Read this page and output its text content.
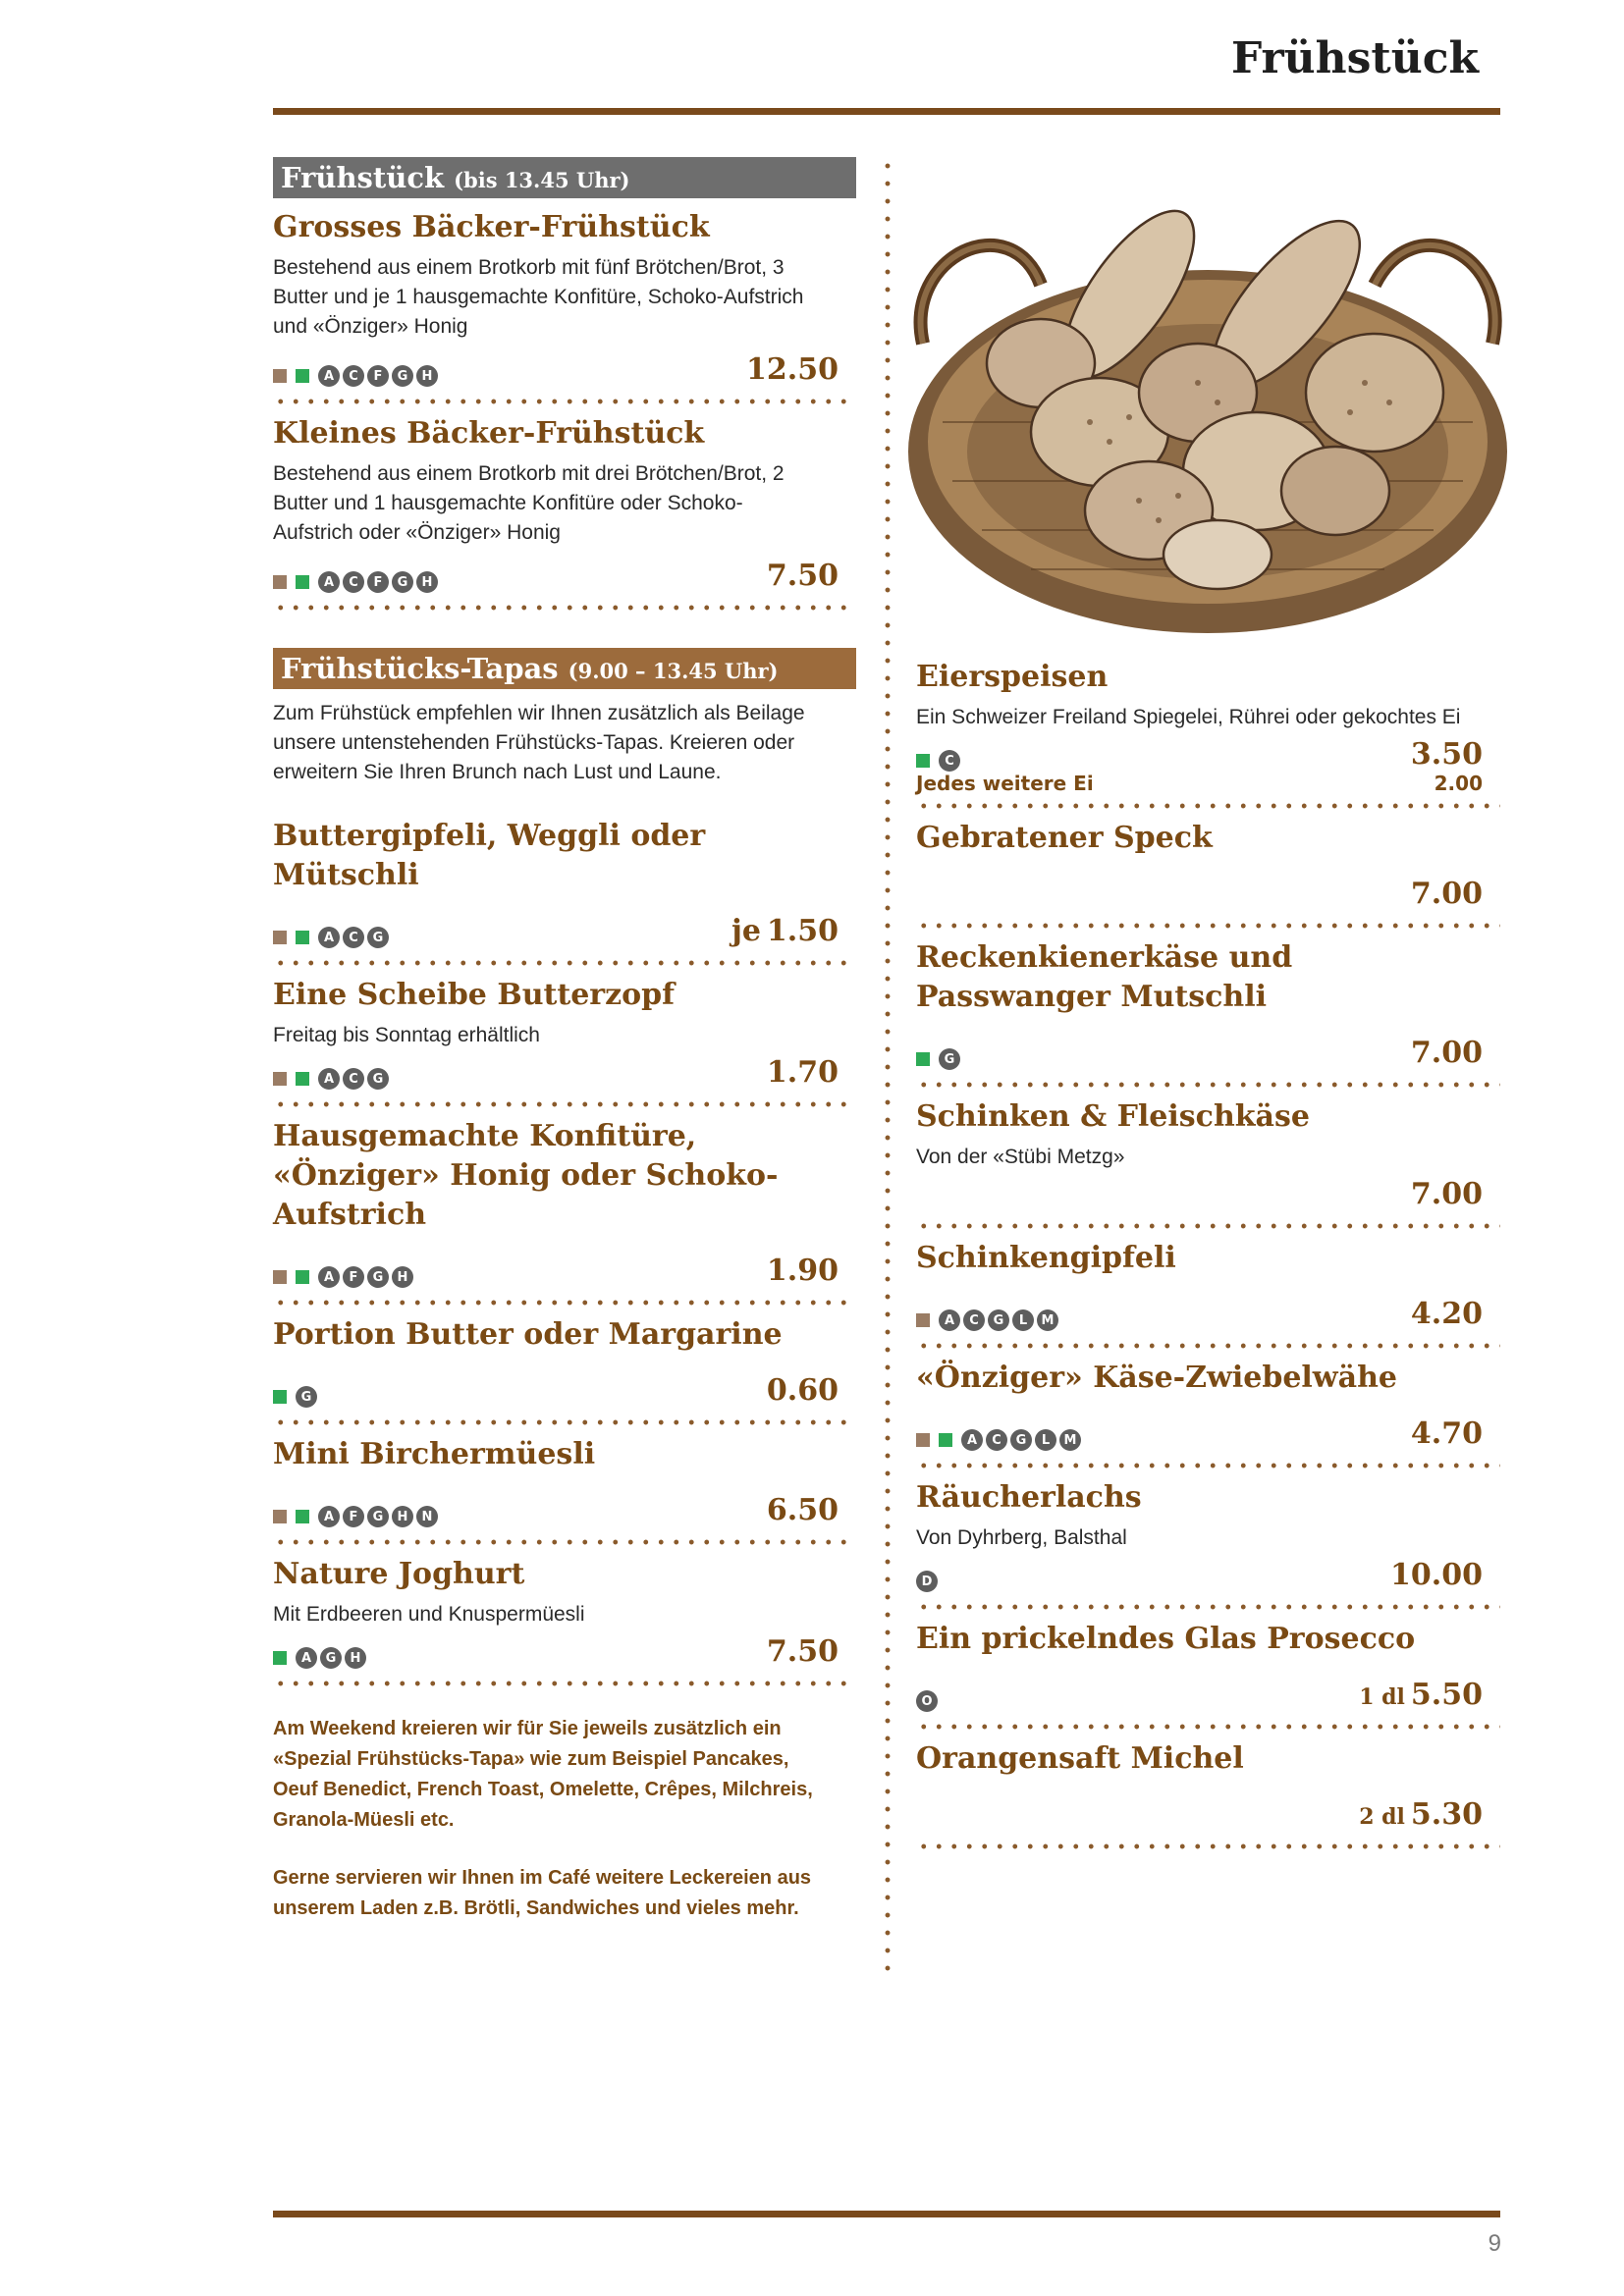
Frühstück
Frühstück (bis 13.45 Uhr)
Grosses Bäcker-Frühstück
Bestehend aus einem Brotkorb mit fünf Brötchen/Brot, 3 Butter und je 1 hausgemachte Konfitüre, Schoko-Aufstrich und «Önziger» Honig
A	C	F	G	H	12.50
Kleines Bäcker-Frühstück
Bestehend aus einem Brotkorb mit drei Brötchen/Brot, 2 Butter und 1 hausgemachte Konfitüre oder Schoko-Aufstrich oder «Önziger» Honig
A	C	F	G	H	7.50
Frühstücks-Tapas (9.00 – 13.45 Uhr)
Zum Frühstück empfehlen wir Ihnen zusätzlich als Beilage unsere untenstehenden Frühstücks-Tapas. Kreieren oder erweitern Sie Ihren Brunch nach Lust und Laune.
Buttergipfeli, Weggli oder Mütschli
A	C	G	je 1.50
Eine Scheibe Butterzopf
Freitag bis Sonntag erhältlich
A	C	G	1.70
Hausgemachte Konfitüre, «Önziger» Honig oder Schoko-Aufstrich
A	F	G	H	1.90
Portion Butter oder Margarine
G	0.60
Mini Birchermüesli
A	F	G	H	N	6.50
Nature Joghurt
Mit Erdbeeren und Knuspermüesli
A	G	H	7.50
Am Weekend kreieren wir für Sie jeweils zusätzlich ein «Spezial Frühstücks-Tapa» wie zum Beispiel Pancakes, Oeuf Benedict, French Toast, Omelette, Crêpes, Milchreis, Granola-Müesli etc.
Gerne servieren wir Ihnen im Café weitere Leckereien aus unserem Laden z.B. Brötli, Sandwiches und vieles mehr.
Eierspeisen
Ein Schweizer Freiland Spiegelei, Rührei oder gekochtes Ei
C	3.50
Jedes weitere Ei	2.00
Gebratener Speck
7.00
Reckenkienerkäse und Passwanger Mutschli
G	7.00
Schinken & Fleischkäse
Von der «Stübi Metzg»
7.00
Schinkengipfeli
A	C	G	L	M	4.20
«Önziger» Käse-Zwiebelwähe
A	C	G	L	M	4.70
Räucherlachs
Von Dyhrberg, Balsthal
D	10.00
Ein prickelndes Glas Prosecco
O	1 dl 5.50
Orangensaft Michel
2 dl 5.30
9
